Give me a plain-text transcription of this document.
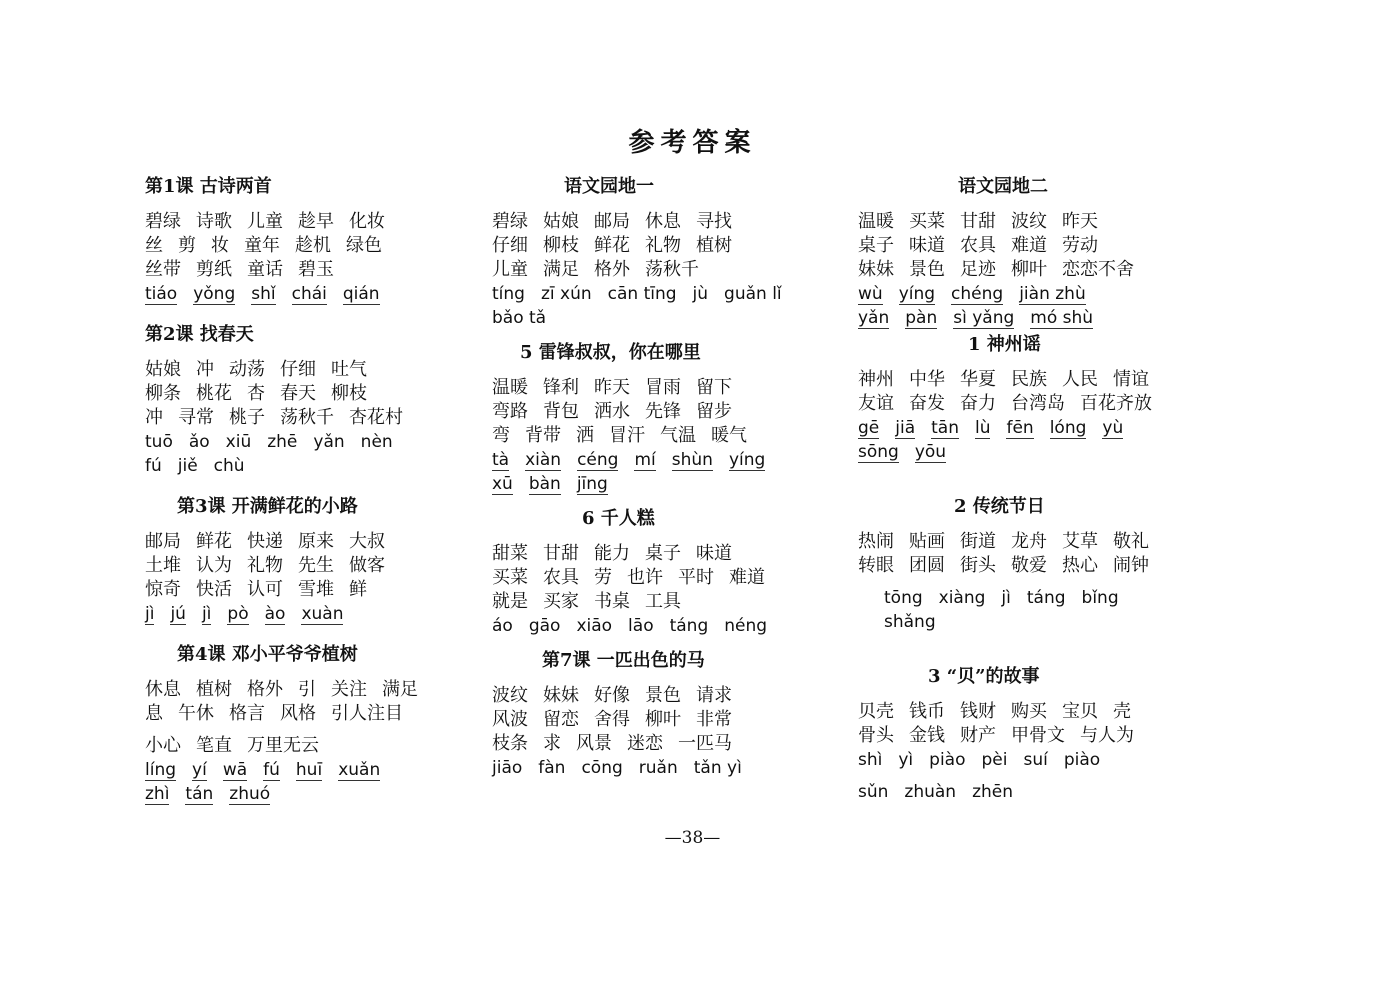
参考答案
第1课 古诗两首
碧绿 诗歌 儿童 趁早 化妆
丝 剪 妆 童年 趁机 绿色
丝带 剪纸 童话 碧玉
tiáo yǒng shǐ chái qián
第2课 找春天
姑娘 冲 动荡 仔细 吐气
柳条 桃花 杏 春天 柳枝
冲 寻常 桃子 荡秋千 杏花村
tuō ǎo xiū zhē yǎn nèn
fú jiě chù
第3课 开满鲜花的小路
邮局 鲜花 快递 原来 大叔
土堆 认为 礼物 先生 做客
惊奇 快活 认可 雪堆 鲜
jì jú jì pò ào xuàn
第4课 邓小平爷爷植树
休息 植树 格外 引 关注 满足
息 午休 格言 风格 引人注目
小心 笔直 万里无云
líng yí wā fú huī xuǎn
zhì tán zhuó
语文园地一
碧绿 姑娘 邮局 休息 寻找
仔细 柳枝 鲜花 礼物 植树
儿童 满足 格外 荡秋千
tíng zī xún cān tīng jù guǎn lǐ
bǎo tǎ
5 雷锋叔叔，你在哪里
温暖 锋利 昨天 冒雨 留下
弯路 背包 洒水 先锋 留步
弯 背带 洒 冒汗 气温 暖气
tà xiàn céng mí shùn yíng
xū bàn jīng
6 千人糕
甜菜 甘甜 能力 桌子 味道
买菜 农具 劳 也许 平时 难道
就是 买家 书桌 工具
áo gāo xiāo lāo táng néng
第7课 一匹出色的马
波纹 妹妹 好像 景色 请求
风波 留恋 舍得 柳叶 非常
枝条 求 风景 迷恋 一匹马
jiāo fàn cōng ruǎn tǎn yì
语文园地二
温暖 买菜 甘甜 波纹 昨天
桌子 味道 农具 难道 劳动
妹妹 景色 足迹 柳叶 恋恋不舍
wù yíng chéng jiàn zhù
yǎn pàn sì yǎng mó shù
1 神州谣
神州 中华 华夏 民族 人民 情谊
友谊 奋发 奋力 台湾岛 百花齐放
gē jiā tān lù fēn lóng yù
sōng yōu
2 传统节日
热闹 贴画 街道 龙舟 艾草 敬礼
转眼 团圆 街头 敬爱 热心 闹钟
tōng xiàng jì táng bǐng
shǎng
3 “贝”的故事
贝壳 钱币 钱财 购买 宝贝 壳
骨头 金钱 财产 甲骨文 与人为
shì yì piào pèi suí piào
sǔn zhuàn zhēn
—38—
